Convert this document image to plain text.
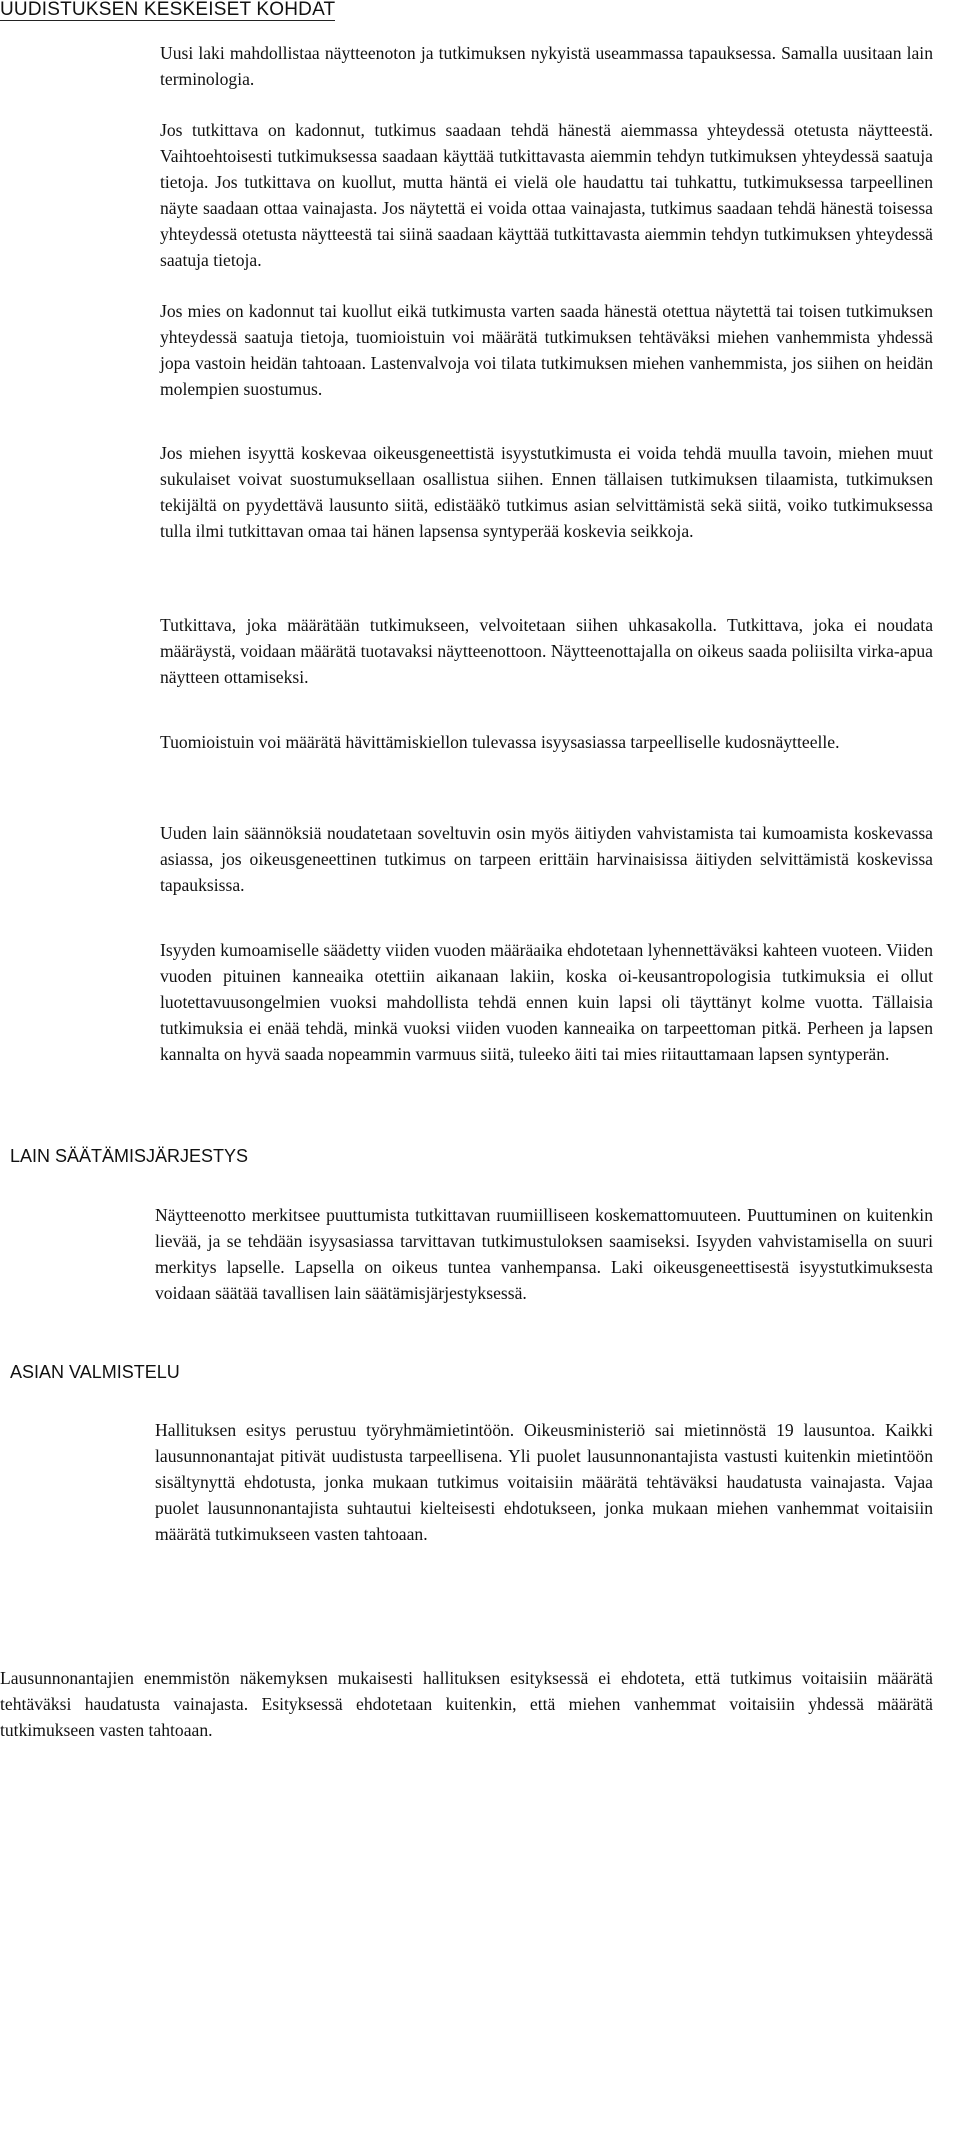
UUDISTUKSEN KESKEISET KOHDAT

Uusi laki mahdollistaa näytteenoton ja tutkimuksen nykyistä useammassa tapauksessa. Samalla uusitaan lain terminologia.

Jos tutkittava on kadonnut, tutkimus saadaan tehdä hänestä aiemmassa yhteydessä otetusta näytteestä. Vaihtoehtoisesti tutkimuksessa saadaan käyttää tutkittavasta aiemmin tehdyn tutkimuksen yhteydessä saatuja tietoja. Jos tutkittava on kuollut, mutta häntä ei vielä ole haudattu tai tuhkattu, tutkimuksessa tarpeellinen näyte saadaan ottaa vainajasta. Jos näytettä ei voida ottaa vainajasta, tutkimus saadaan tehdä hänestä toisessa yhteydessä otetusta näytteestä tai siinä saadaan käyttää tutkittavasta aiemmin tehdyn tutkimuksen yhteydessä saatuja tietoja.

Jos mies on kadonnut tai kuollut eikä tutkimusta varten saada hänestä otettua näytettä tai toisen tutkimuksen yhteydessä saatuja tietoja, tuomioistuin voi määrätä tutkimuksen tehtäväksi miehen vanhemmista yhdessä jopa vastoin heidän tahtoaan. Lastenvalvoja voi tilata tutkimuksen miehen vanhemmista, jos siihen on heidän molempien suostumus.

Jos miehen isyyttä koskevaa oikeusgeneettistä isyystutkimusta ei voida tehdä muulla tavoin, miehen muut sukulaiset voivat suostumuksellaan osallistua siihen. Ennen tällaisen tutkimuksen tilaamista, tutkimuksen tekijältä on pyydettävä lausunto siitä, edistääkö tutkimus asian selvittämistä sekä siitä, voiko tutkimuksessa tulla ilmi tutkittavan omaa tai hänen lapsensa syntyperää koskevia seikkoja.

Tutkittava, joka määrätään tutkimukseen, velvoitetaan siihen uhkasakolla. Tutkittava, joka ei noudata määräystä, voidaan määrätä tuotavaksi näytteenottoon. Näytteenottajalla on oikeus saada poliisilta virka-apua näytteen ottamiseksi.

Tuomioistuin voi määrätä hävittämiskiellon tulevassa isyysasiassa tarpeelliselle kudosnäytteelle.

Uuden lain säännöksiä noudatetaan soveltuvin osin myös äitiyden vahvistamista tai kumoamista koskevassa asiassa, jos oikeusgeneettinen tutkimus on tarpeen erittäin harvinaisissa äitiyden selvittämistä koskevissa tapauksissa.

Isyyden kumoamiselle säädetty viiden vuoden määräaika ehdotetaan lyhennettäväksi kahteen vuoteen. Viiden vuoden pituinen kanneaika otettiin aikanaan lakiin, koska oi-keusantropologisia tutkimuksia ei ollut luotettavuusongelmien vuoksi mahdollista tehdä ennen kuin lapsi oli täyttänyt kolme vuotta. Tällaisia tutkimuksia ei enää tehdä, minkä vuoksi viiden vuoden kanneaika on tarpeettoman pitkä. Perheen ja lapsen kannalta on hyvä saada nopeammin varmuus siitä, tuleeko äiti tai mies riitauttamaan lapsen syntyperän.

LAIN SÄÄTÄMISJÄRJESTYS

Näytteenotto merkitsee puuttumista tutkittavan ruumiilliseen koskemattomuuteen. Puuttuminen on kuitenkin lievää, ja se tehdään isyysasiassa tarvittavan tutkimustuloksen saamiseksi. Isyyden vahvistamisella on suuri merkitys lapselle. Lapsella on oikeus tuntea vanhempansa. Laki oikeusgeneettisestä isyystutkimuksesta voidaan säätää tavallisen lain säätämisjärjestyksessä.

ASIAN VALMISTELU

Hallituksen esitys perustuu työryhmämietintöön. Oikeusministeriö sai mietinnöstä 19 lausuntoa. Kaikki lausunnonantajat pitivät uudistusta tarpeellisena. Yli puolet lausunnonantajista vastusti kuitenkin mietintöön sisältynyttä ehdotusta, jonka mukaan tutkimus voitaisiin määrätä tehtäväksi haudatusta vainajasta. Vajaa puolet lausunnonantajista suhtautui kielteisesti ehdotukseen, jonka mukaan miehen vanhemmat voitaisiin määrätä tutkimukseen vasten tahtoaan.

Lausunnonantajien enemmistön näkemyksen mukaisesti hallituksen esityksessä ei ehdoteta, että tutkimus voitaisiin määrätä tehtäväksi haudatusta vainajasta. Esityksessä ehdotetaan kuitenkin, että miehen vanhemmat voitaisiin yhdessä määrätä tutkimukseen vasten tahtoaan.
